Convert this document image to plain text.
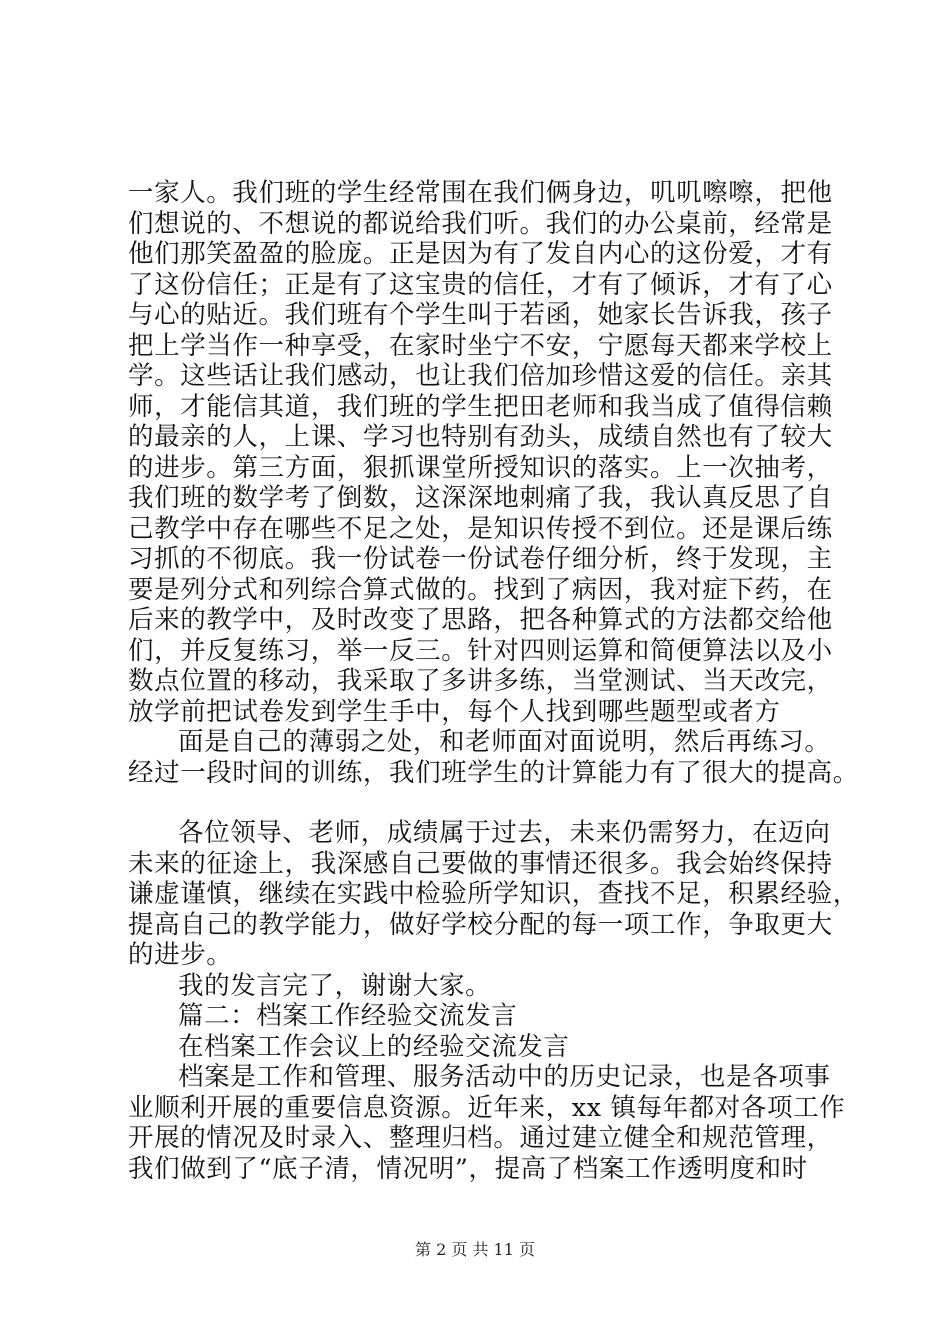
一家人。我们班的学生经常围在我们俩身边，叽叽嚓嚓，把他
们想说的、不想说的都说给我们听。我们的办公桌前，经常是
他们那笑盈盈的脸庞。正是因为有了发自内心的这份爱，才有
了这份信任；正是有了这宝贵的信任，才有了倾诉，才有了心
与心的贴近。我们班有个学生叫于若函，她家长告诉我，孩子
把上学当作一种享受，在家时坐宁不安，宁愿每天都来学校上
学。这些话让我们感动，也让我们倍加珍惜这爱的信任。亲其
师，才能信其道，我们班的学生把田老师和我当成了值得信赖
的最亲的人，上课、学习也特别有劲头，成绩自然也有了较大
的进步。第三方面，狠抓课堂所授知识的落实。上一次抽考，
我们班的数学考了倒数，这深深地刺痛了我，我认真反思了自
己教学中存在哪些不足之处，是知识传授不到位。还是课后练
习抓的不彻底。我一份试卷一份试卷仔细分析，终于发现，主
要是列分式和列综合算式做的。找到了病因，我对症下药，在
后来的教学中，及时改变了思路，把各种算式的方法都交给他
们，并反复练习，举一反三。针对四则运算和简便算法以及小
数点位置的移动，我采取了多讲多练，当堂测试、当天改完，
放学前把试卷发到学生手中，每个人找到哪些题型或者方
面是自己的薄弱之处，和老师面对面说明，然后再练习。
经过一段时间的训练，我们班学生的计算能力有了很大的提高。
各位领导、老师，成绩属于过去，未来仍需努力，在迈向
未来的征途上，我深感自己要做的事情还很多。我会始终保持
谦虚谨慎，继续在实践中检验所学知识，查找不足，积累经验，
提高自己的教学能力，做好学校分配的每一项工作，争取更大
的进步。
我的发言完了，谢谢大家。
篇二：档案工作经验交流发言
在档案工作会议上的经验交流发言
档案是工作和管理、服务活动中的历史记录，也是各项事
业顺利开展的重要信息资源。近年来，xx 镇每年都对各项工作
开展的情况及时录入、整理归档。通过建立健全和规范管理，
我们做到了“底子清，情况明”，提高了档案工作透明度和时
第 2 页 共 11 页
